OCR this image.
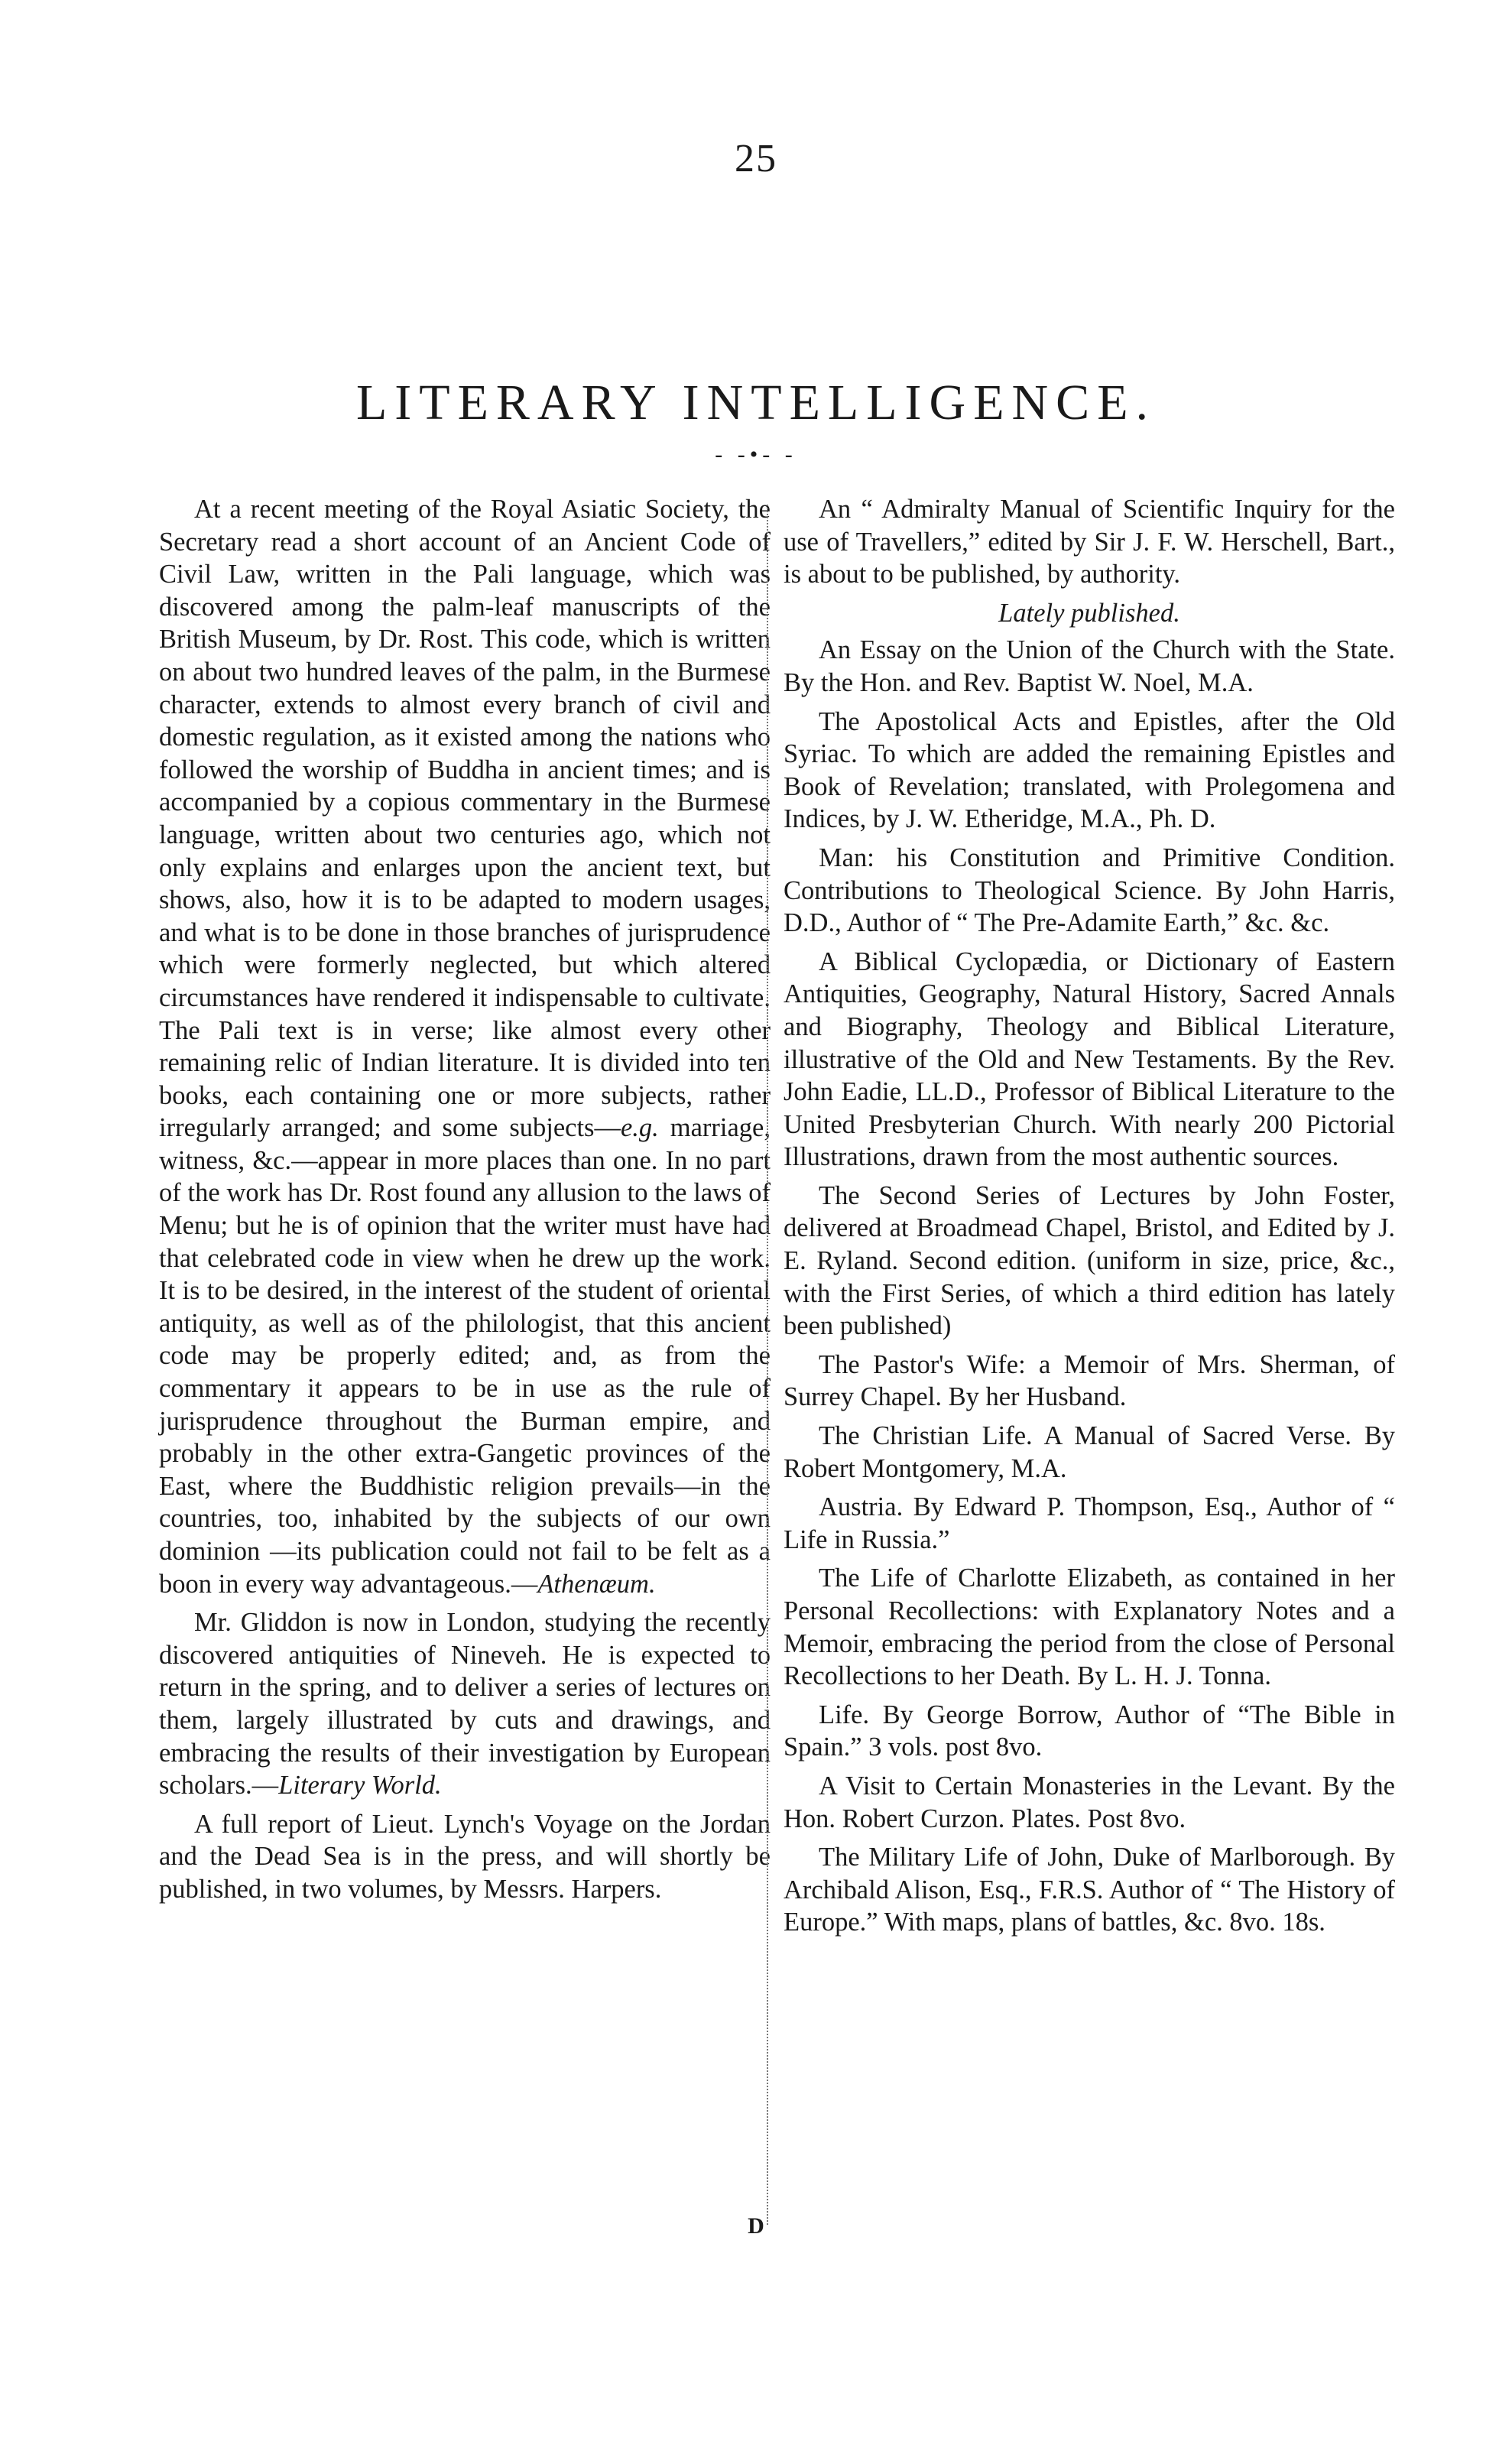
25
LITERARY INTELLIGENCE.
- -•- -

At a recent meeting of the Royal Asiatic Society, the Secretary read a short account of an Ancient Code of Civil Law, written in the Pali language, which was discovered among the palm-leaf manuscripts of the British Museum, by Dr. Rost. This code, which is written on about two hundred leaves of the palm, in the Burmese character, extends to almost every branch of civil and domestic regulation, as it existed among the nations who followed the worship of Buddha in ancient times; and is accompanied by a copious commentary in the Burmese language, written about two centuries ago, which not only explains and enlarges upon the ancient text, but shows, also, how it is to be adapted to modern usages, and what is to be done in those branches of jurisprudence which were formerly neglected, but which altered circumstances have rendered it indispensable to cultivate. The Pali text is in verse; like almost every other remaining relic of Indian literature. It is divided into ten books, each containing one or more subjects, rather irregularly arranged; and some subjects—e.g. marriage, witness, &c.—appear in more places than one. In no part of the work has Dr. Rost found any allusion to the laws of Menu; but he is of opinion that the writer must have had that celebrated code in view when he drew up the work. It is to be desired, in the interest of the student of oriental antiquity, as well as of the philologist, that this ancient code may be properly edited; and, as from the commentary it appears to be in use as the rule of jurisprudence throughout the Burman empire, and probably in the other extra-Gangetic provinces of the East, where the Buddhistic religion prevails—in the countries, too, inhabited by the subjects of our own dominion —its publication could not fail to be felt as a boon in every way advantageous.—Athenæum.

Mr. Gliddon is now in London, studying the recently discovered antiquities of Nineveh. He is expected to return in the spring, and to deliver a series of lectures on them, largely illustrated by cuts and drawings, and embracing the results of their investigation by European scholars.—Literary World.

A full report of Lieut. Lynch's Voyage on the Jordan and the Dead Sea is in the press, and will shortly be published, in two volumes, by Messrs. Harpers.

An “ Admiralty Manual of Scientific Inquiry for the use of Travellers,” edited by Sir J. F. W. Herschell, Bart., is about to be published, by authority.

Lately published.

An Essay on the Union of the Church with the State. By the Hon. and Rev. Baptist W. Noel, M.A.

The Apostolical Acts and Epistles, after the Old Syriac. To which are added the remaining Epistles and Book of Revelation; translated, with Prolegomena and Indices, by J. W. Etheridge, M.A., Ph. D.

Man: his Constitution and Primitive Condition. Contributions to Theological Science. By John Harris, D.D., Author of “ The Pre-Adamite Earth,” &c. &c.

A Biblical Cyclopædia, or Dictionary of Eastern Antiquities, Geography, Natural History, Sacred Annals and Biography, Theology and Biblical Literature, illustrative of the Old and New Testaments. By the Rev. John Eadie, LL.D., Professor of Biblical Literature to the United Presbyterian Church. With nearly 200 Pictorial Illustrations, drawn from the most authentic sources.

The Second Series of Lectures by John Foster, delivered at Broadmead Chapel, Bristol, and Edited by J. E. Ryland. Second edition. (uniform in size, price, &c., with the First Series, of which a third edition has lately been published)

The Pastor's Wife: a Memoir of Mrs. Sherman, of Surrey Chapel. By her Husband.

The Christian Life. A Manual of Sacred Verse. By Robert Montgomery, M.A.

Austria. By Edward P. Thompson, Esq., Author of “ Life in Russia.”

The Life of Charlotte Elizabeth, as contained in her Personal Recollections: with Explanatory Notes and a Memoir, embracing the period from the close of Personal Recollections to her Death. By L. H. J. Tonna.

Life. By George Borrow, Author of “The Bible in Spain.” 3 vols. post 8vo.

A Visit to Certain Monasteries in the Levant. By the Hon. Robert Curzon. Plates. Post 8vo.

The Military Life of John, Duke of Marlborough. By Archibald Alison, Esq., F.R.S. Author of “ The History of Europe.” With maps, plans of battles, &c. 8vo. 18s.

D
